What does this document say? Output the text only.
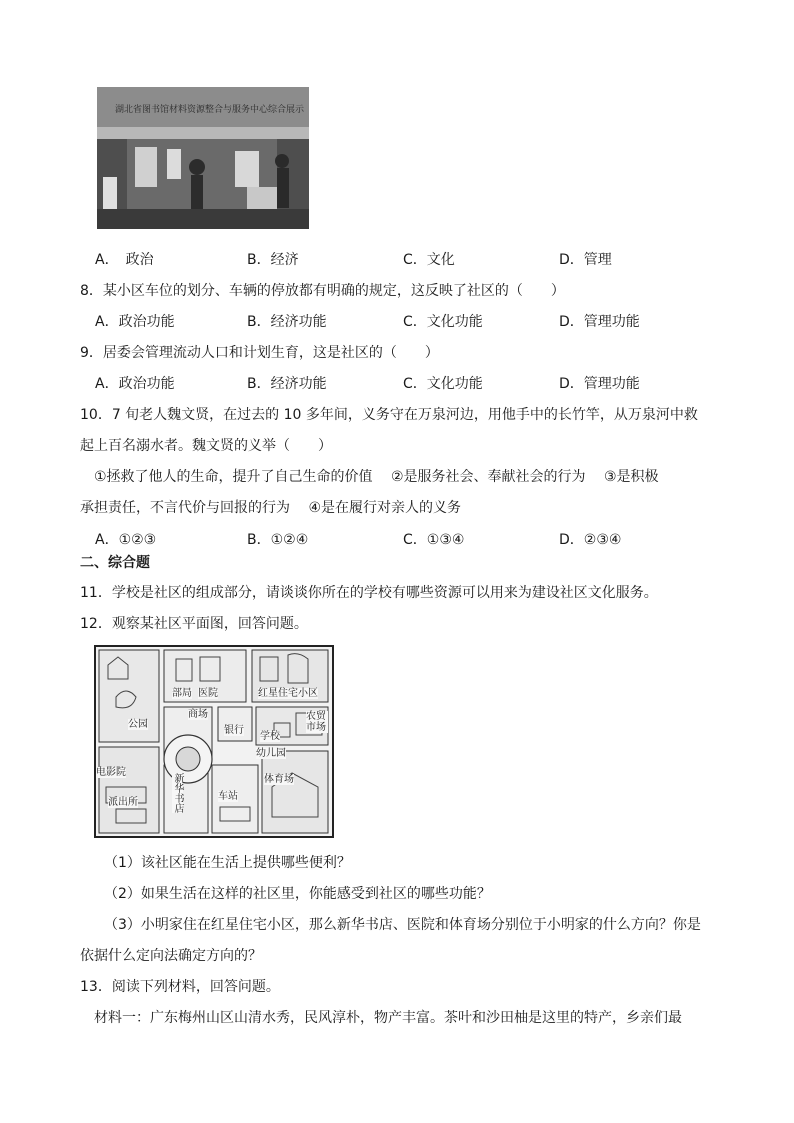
湖北省图书馆材料资源整合与服务中心综合展示
A．　政治	B．经济	C．文化	D．管理
8．某小区车位的划分、车辆的停放都有明确的规定，这反映了社区的（　　）
A．政治功能	B．经济功能	C．文化功能	D．管理功能
9．居委会管理流动人口和计划生育，这是社区的（　　）
A．政治功能	B．经济功能	C．文化功能	D．管理功能
10．7 旬老人魏文贤，在过去的 10 多年间，义务守在万泉河边，用他手中的长竹竿，从万泉河中救
起上百名溺水者。魏文贤的义举（　　）
①拯救了他人的生命，提升了自己生命的价值　 ②是服务社会、奉献社会的行为　 ③是积极
承担责任，不言代价与回报的行为　 ④是在履行对亲人的义务
A．①②③	B．①②④	C．①③④	D．②③④
二、综合题
11．学校是社区的组成部分，请谈谈你所在的学校有哪些资源可以用来为建设社区文化服务。
12．观察某社区平面图，回答问题。
部局 医院	红星住宅小区
商场
公园
银行
学校
农贸市场
幼儿园
电影院
派出所	新华书店	车站
体育场
（1）该社区能在生活上提供哪些便利？
（2）如果生活在这样的社区里，你能感受到社区的哪些功能？
（3）小明家住在红星住宅小区，那么新华书店、医院和体育场分别位于小明家的什么方向？你是
依据什么定向法确定方向的？
13．阅读下列材料，回答问题。
材料一：广东梅州山区山清水秀，民风淳朴，物产丰富。茶叶和沙田柚是这里的特产，乡亲们最
